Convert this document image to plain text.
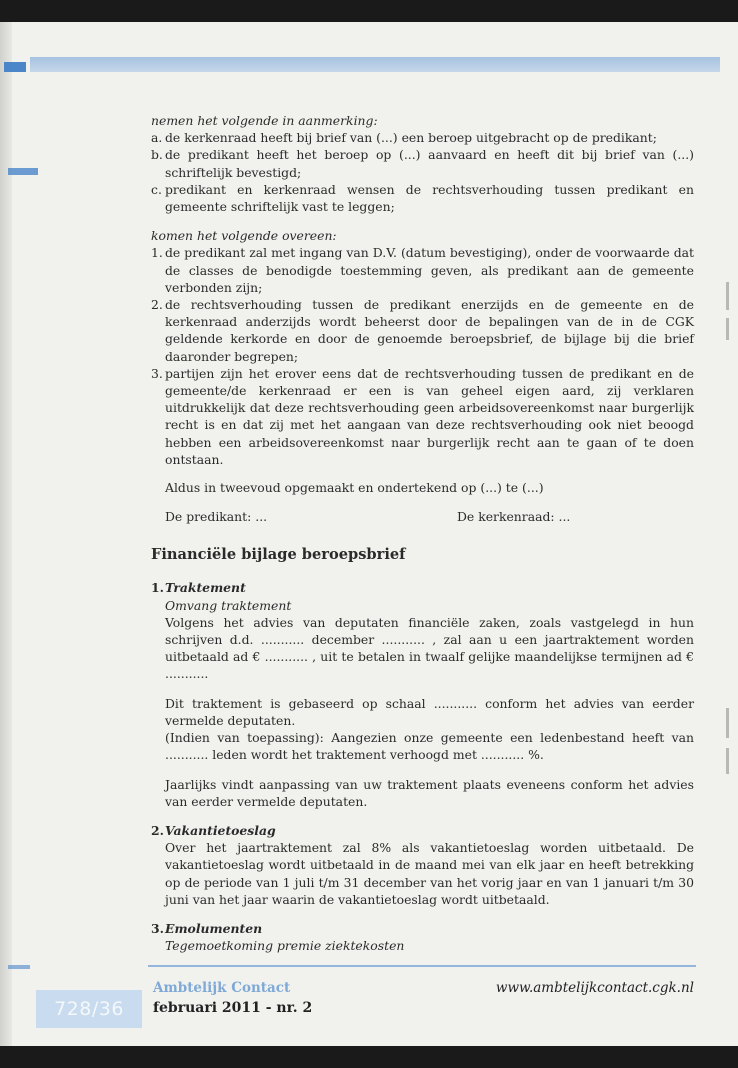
nemen het volgende in aanmerking:
a. de kerkenraad heeft bij brief van (...) een beroep uitgebracht op de predikant;
b. de predikant heeft het beroep op (...) aanvaard en heeft dit bij brief van (...) schriftelijk bevestigd;
c. predikant en kerkenraad wensen de rechtsverhouding tussen predikant en gemeente schriftelijk vast te leggen;
komen het volgende overeen:
1. de predikant zal met ingang van D.V. (datum bevestiging), onder de voorwaarde dat de classes de benodigde toestemming geven, als predikant aan de gemeente verbonden zijn;
2. de rechtsverhouding tussen de predikant enerzijds en de gemeente en de kerkenraad anderzijds wordt beheerst door de bepalingen van de in de CGK geldende kerkorde en door de genoemde beroepsbrief, de bijlage bij die brief daaronder begrepen;
3. partijen zijn het erover eens dat de rechtsverhouding tussen de predikant en de gemeente/de kerkenraad er een is van geheel eigen aard, zij verklaren uitdrukkelijk dat deze rechtsverhouding geen arbeidsovereenkomst naar burgerlijk recht is en dat zij met het aangaan van deze rechtsverhouding ook niet beoogd hebben een arbeidsovereenkomst naar burgerlijk recht aan te gaan of te doen ontstaan.
Aldus in tweevoud opgemaakt en ondertekend op (...) te (...)
De predikant: ...	De kerkenraad: ...
Financiële bijlage beroepsbrief
1. Traktement
Omvang traktement
Volgens het advies van deputaten financiële zaken, zoals vastgelegd in hun schrijven d.d. ........... december ........... , zal aan u een jaartraktement worden uitbetaald ad € ........... , uit te betalen in twaalf gelijke maandelijkse termijnen ad € ...........
Dit traktement is gebaseerd op schaal ........... conform het advies van eerder vermelde deputaten.
(Indien van toepassing): Aangezien onze gemeente een ledenbestand heeft van ........... leden wordt het traktement verhoogd met ........... %.
Jaarlijks vindt aanpassing van uw traktement plaats eveneens conform het advies van eerder vermelde deputaten.
2. Vakantietoeslag
Over het jaartraktement zal 8% als vakantietoeslag worden uitbetaald. De vakantietoeslag wordt uitbetaald in de maand mei van elk jaar en heeft betrekking op de periode van 1 juli t/m 31 december van het vorig jaar en van 1 januari t/m 30 juni van het jaar waarin de vakantietoeslag wordt uitbetaald.
3. Emolumenten
Tegemoetkoming premie ziektekosten
728/36
Ambtelijk Contact
februari 2011 - nr. 2
www.ambtelijkcontact.cgk.nl
